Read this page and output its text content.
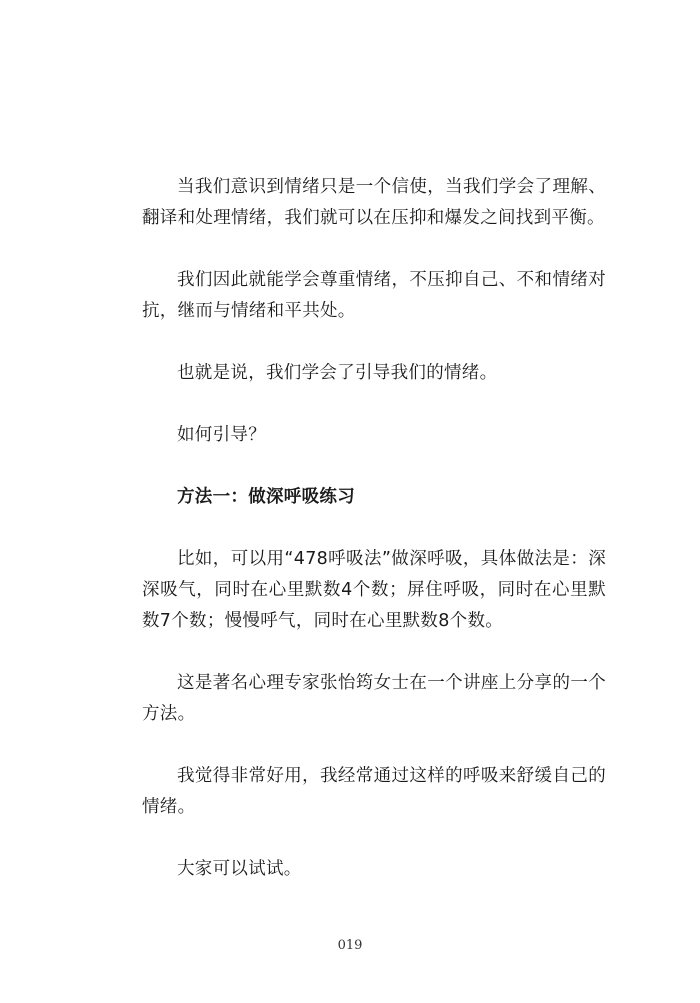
当我们意识到情绪只是一个信使，当我们学会了理解、翻译和处理情绪，我们就可以在压抑和爆发之间找到平衡。

我们因此就能学会尊重情绪，不压抑自己、不和情绪对抗，继而与情绪和平共处。

也就是说，我们学会了引导我们的情绪。

如何引导？

方法一：做深呼吸练习

比如，可以用“478呼吸法”做深呼吸，具体做法是：深深吸气，同时在心里默数4个数；屏住呼吸，同时在心里默数7个数；慢慢呼气，同时在心里默数8个数。

这是著名心理专家张怡筠女士在一个讲座上分享的一个方法。

我觉得非常好用，我经常通过这样的呼吸来舒缓自己的情绪。

大家可以试试。

019
